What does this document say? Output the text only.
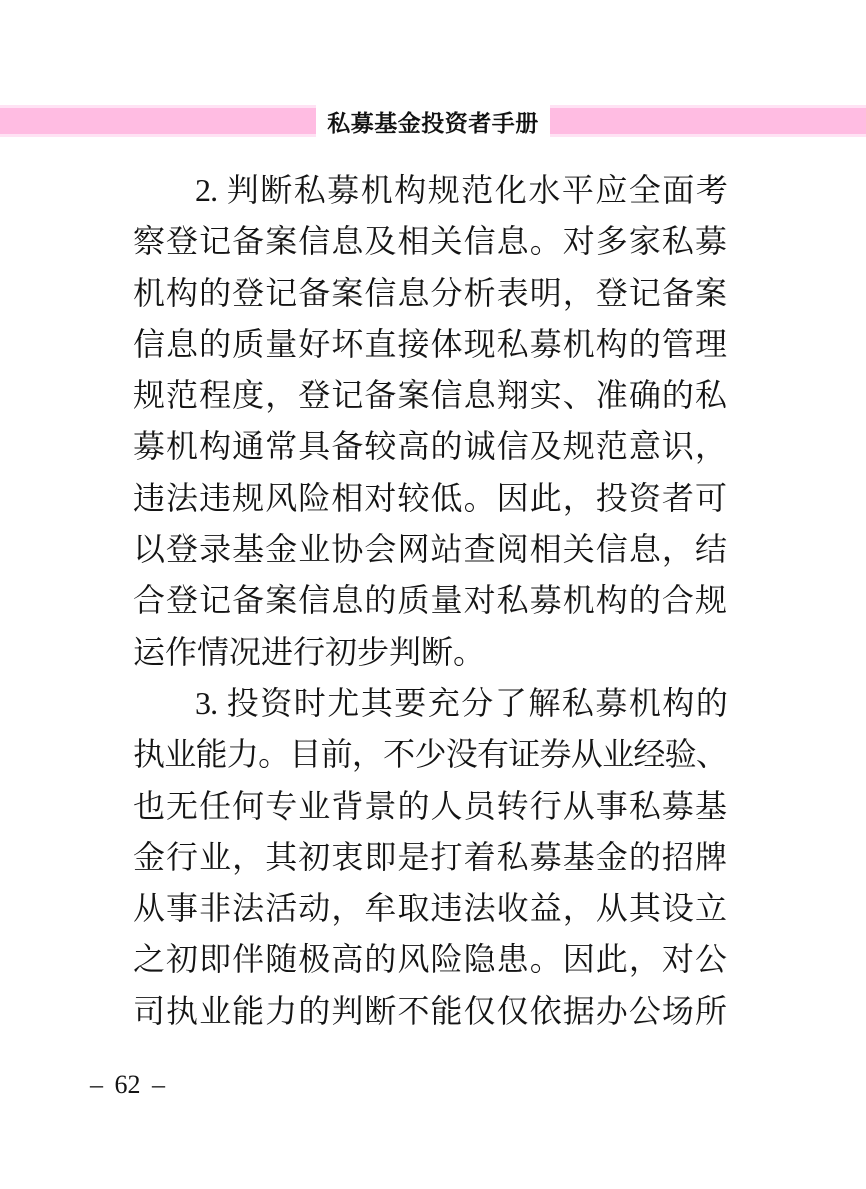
私募基金投资者手册
2. 判断私募机构规范化水平应全面考
察登记备案信息及相关信息。对多家私募
机构的登记备案信息分析表明，登记备案
信息的质量好坏直接体现私募机构的管理
规范程度，登记备案信息翔实、准确的私
募机构通常具备较高的诚信及规范意识，
违法违规风险相对较低。因此，投资者可
以登录基金业协会网站查阅相关信息，结
合登记备案信息的质量对私募机构的合规
运作情况进行初步判断。
3. 投资时尤其要充分了解私募机构的
执业能力。目前，不少没有证券从业经验、
也无任何专业背景的人员转行从事私募基
金行业，其初衷即是打着私募基金的招牌
从事非法活动，牟取违法收益，从其设立
之初即伴随极高的风险隐患。因此，对公
司执业能力的判断不能仅仅依据办公场所
– 62 –
